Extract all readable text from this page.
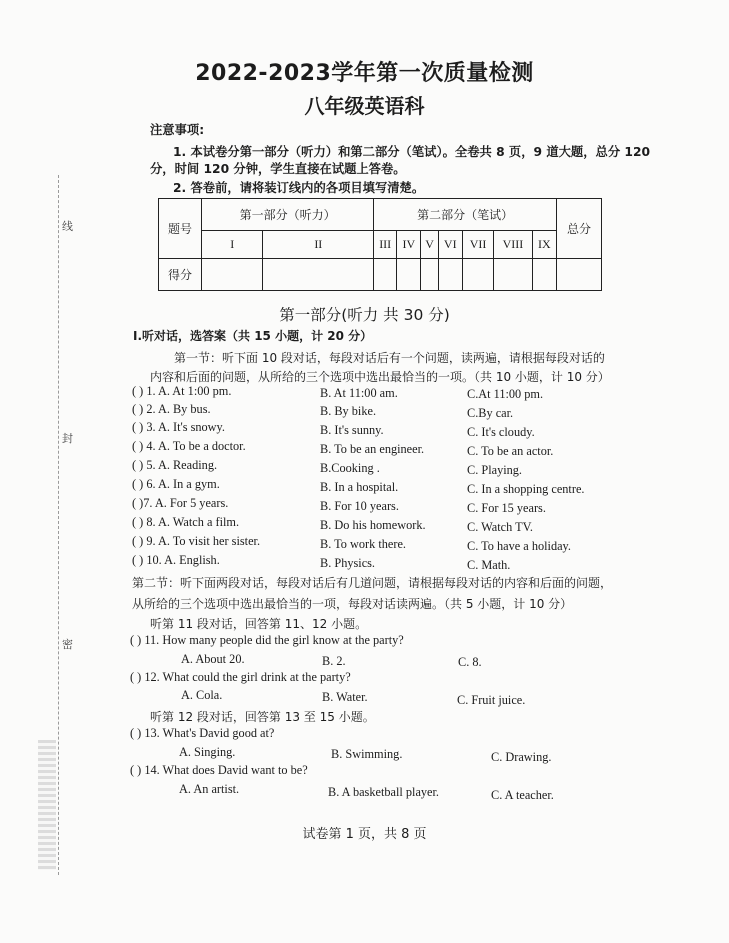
线
封
密
2022-2023学年第一次质量检测
八年级英语科
注意事项:
1. 本试卷分第一部分（听力）和第二部分（笔试）。全卷共 8 页，9 道大题，总分 120
分，时间 120 分钟，学生直接在试题上答卷。
2. 答卷前，请将装订线内的各项目填写清楚。
题号	第一部分（听力）		第二部分（笔试）							总分
	I	II	III	IV	V	VI	VII	VIII	IX	
得分										
第一部分(听力 共 30 分)
I.听对话，选答案（共 15 小题，计 20 分）
第一节：听下面 10 段对话，每段对话后有一个问题，读两遍，请根据每段对话的
内容和后面的问题，从所给的三个选项中选出最恰当的一项。（共 10 小题，计 10 分）
( ) 1. A. At 1:00 pm.	B. At 11:00 am.	C.At 11:00 pm.
( ) 2. A. By bus.	B. By bike.	C.By car.
( ) 3. A. It's snowy.	B. It's sunny.	C. It's cloudy.
( ) 4. A. To be a doctor.	B. To be an engineer.	C. To be an actor.
( ) 5. A. Reading.	B.Cooking .	C. Playing.
( ) 6. A. In a gym.	B. In a hospital.	C. In a shopping centre.
( )7. A. For 5 years.	B. For 10 years.	C. For 15 years.
( ) 8. A. Watch a film.	B. Do his homework.	C. Watch TV.
( ) 9. A. To visit her sister.	B. To work there.	C. To have a holiday.
( ) 10. A. English.	B. Physics.	C. Math.
第二节：听下面两段对话，每段对话后有几道问题，请根据每段对话的内容和后面的问题，
从所给的三个选项中选出最恰当的一项，每段对话读两遍。（共 5 小题，计 10 分）
听第 11 段对话，回答第 11、12 小题。
( ) 11. How many people did the girl know at the party?
A. About 20.	B. 2.	C. 8.
( ) 12. What could the girl drink at the party?
A. Cola.	B. Water.	C. Fruit juice.
听第 12 段对话，回答第 13 至 15 小题。
( ) 13. What's David good at?
A. Singing.	B. Swimming.	C. Drawing.
( ) 14. What does David want to be?
A. An artist.	B. A basketball player.	C. A teacher.
试卷第 1 页，共 8 页
